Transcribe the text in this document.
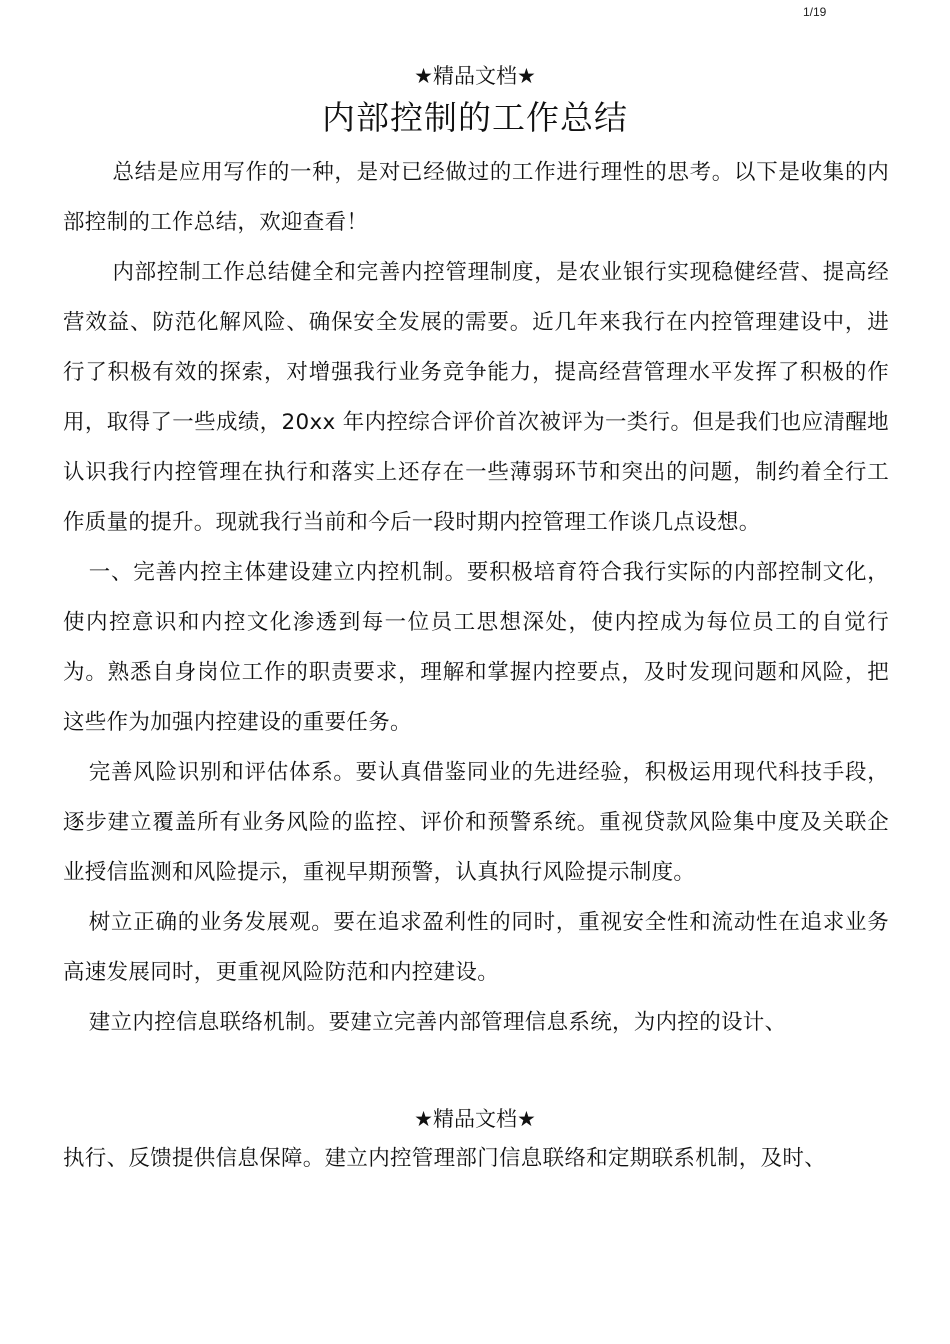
1/19
★精品文档★
内部控制的工作总结

总结是应用写作的一种，是对已经做过的工作进行理性的思考。以下是收集的内部控制的工作总结，欢迎查看！

内部控制工作总结健全和完善内控管理制度，是农业银行实现稳健经营、提高经营效益、防范化解风险、确保安全发展的需要。近几年来我行在内控管理建设中，进行了积极有效的探索，对增强我行业务竞争能力，提高经营管理水平发挥了积极的作用，取得了一些成绩，20xx 年内控综合评价首次被评为一类行。但是我们也应清醒地认识我行内控管理在执行和落实上还存在一些薄弱环节和突出的问题，制约着全行工作质量的提升。现就我行当前和今后一段时期内控管理工作谈几点设想。

一、完善内控主体建设建立内控机制。要积极培育符合我行实际的内部控制文化，使内控意识和内控文化渗透到每一位员工思想深处，使内控成为每位员工的自觉行为。熟悉自身岗位工作的职责要求，理解和掌握内控要点，及时发现问题和风险，把这些作为加强内控建设的重要任务。

完善风险识别和评估体系。要认真借鉴同业的先进经验，积极运用现代科技手段，逐步建立覆盖所有业务风险的监控、评价和预警系统。重视贷款风险集中度及关联企业授信监测和风险提示，重视早期预警，认真执行风险提示制度。

树立正确的业务发展观。要在追求盈利性的同时，重视安全性和流动性在追求业务高速发展同时，更重视风险防范和内控建设。

建立内控信息联络机制。要建立完善内部管理信息系统，为内控的设计、

★精品文档★

执行、反馈提供信息保障。建立内控管理部门信息联络和定期联系机制，及时、
